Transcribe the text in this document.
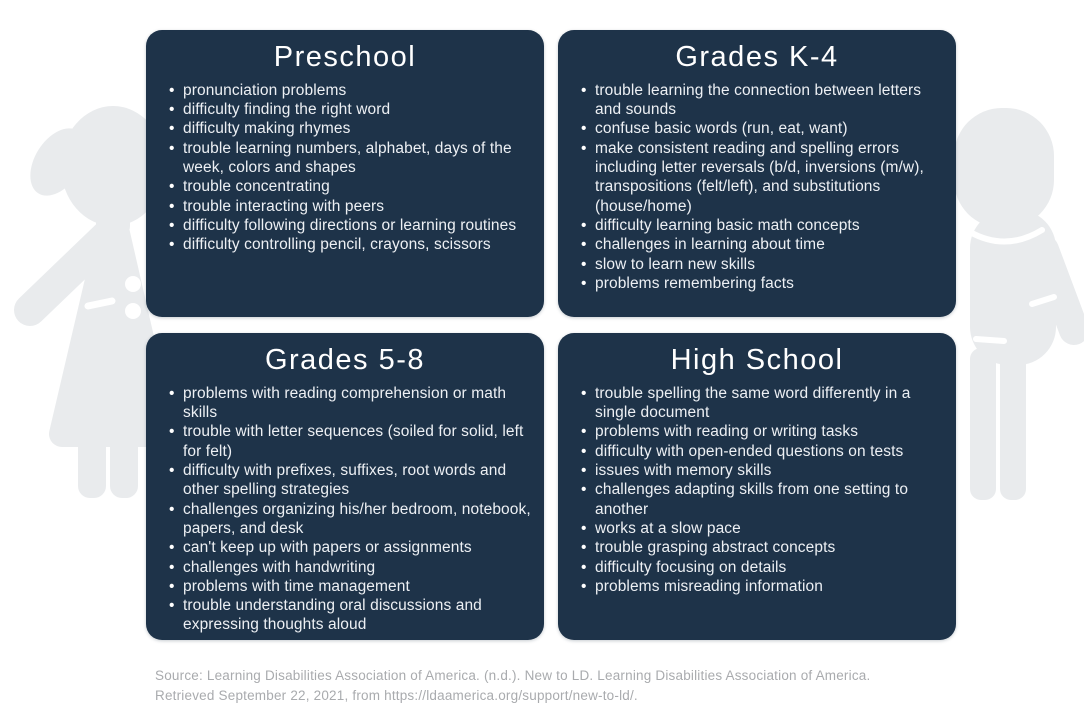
Preschool
• pronunciation problems
• difficulty finding the right word
• difficulty making rhymes
• trouble learning numbers, alphabet, days of the week, colors and shapes
• trouble concentrating
• trouble interacting with peers
• difficulty following directions or learning routines
• difficulty controlling pencil, crayons, scissors
Grades K-4
• trouble learning the connection between letters and sounds
• confuse basic words (run, eat, want)
• make consistent reading and spelling errors including letter reversals (b/d, inversions (m/w), transpositions (felt/left), and substitutions (house/home)
• difficulty learning basic math concepts
• challenges in learning about time
• slow to learn new skills
• problems remembering facts
Grades 5-8
• problems with reading comprehension or math skills
• trouble with letter sequences (soiled for solid, left for felt)
• difficulty with prefixes, suffixes, root words and other spelling strategies
• challenges organizing his/her bedroom, notebook, papers, and desk
• can't keep up with papers or assignments
• challenges with handwriting
• problems with time management
• trouble understanding oral discussions and expressing thoughts aloud
High School
• trouble spelling the same word differently in a single document
• problems with reading or writing tasks
• difficulty with open-ended questions on tests
• issues with memory skills
• challenges adapting skills from one setting to another
• works at a slow pace
• trouble grasping abstract concepts
• difficulty focusing on details
• problems misreading information

Source: Learning Disabilities Association of America. (n.d.). New to LD. Learning Disabilities Association of America. Retrieved September 22, 2021, from https://ldaamerica.org/support/new-to-ld/.
